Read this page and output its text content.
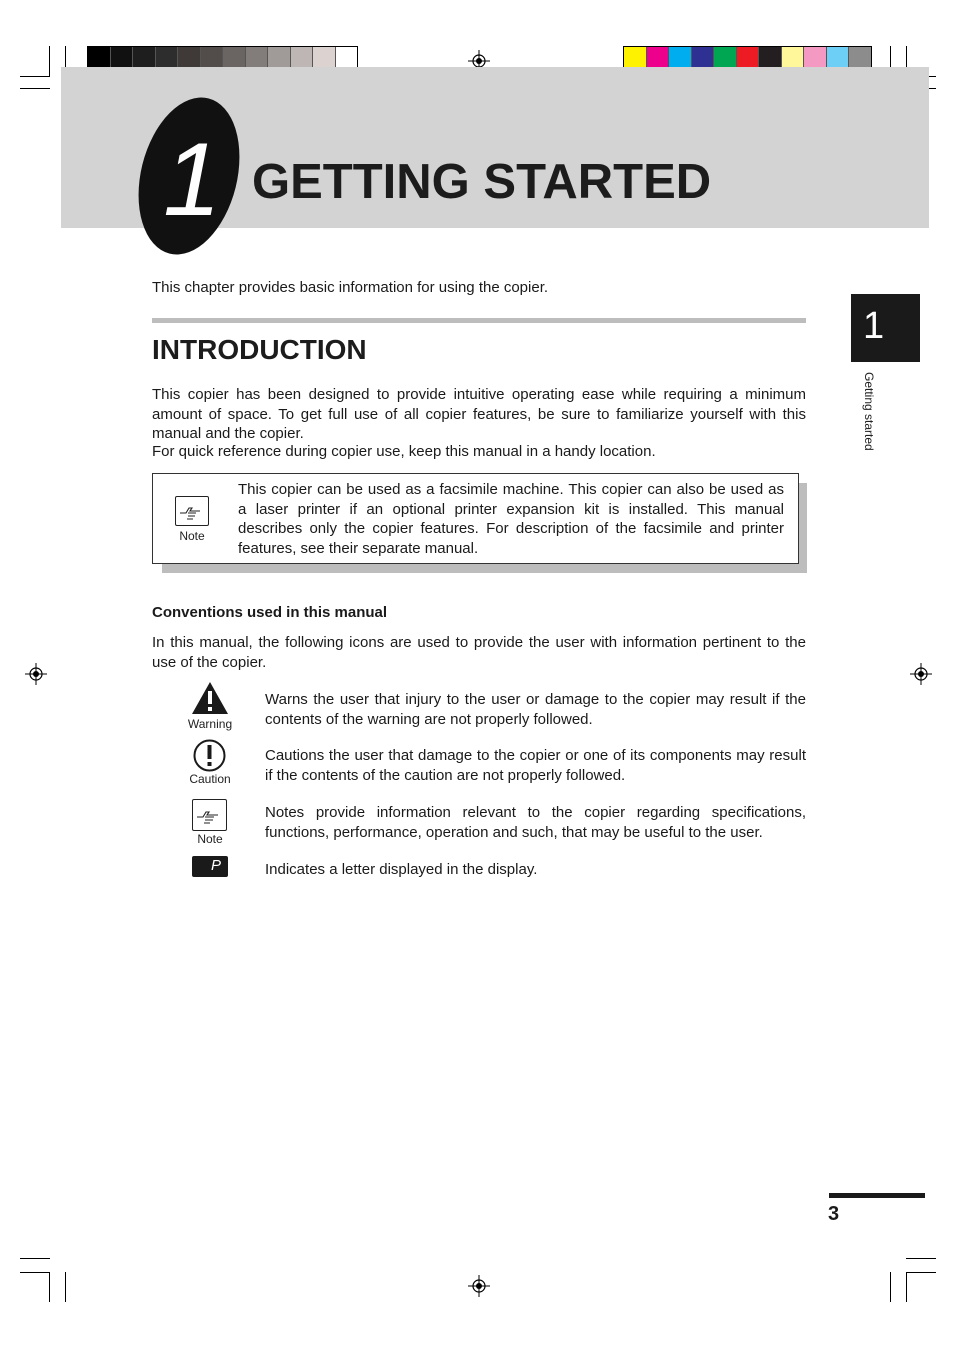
1 GETTING STARTED
1
Getting started
This chapter provides basic information for using the copier.
INTRODUCTION
This copier has been designed to provide intuitive operating ease while requiring a minimum amount of space. To get full use of all copier features, be sure to familiarize yourself with this manual and the copier.
For quick reference during copier use, keep this manual in a handy location.
Note
This copier can be used as a facsimile machine. This copier can also be used as a laser printer if an optional printer expansion kit is installed. This manual describes only the copier features. For description of the facsimile and printer features, see their separate manual.
Conventions used in this manual
In this manual, the following icons are used to provide the user with information pertinent to the use of the copier.
Warning
Warns the user that injury to the user or damage to the copier may result if the contents of the warning are not properly followed.
Caution
Cautions the user that damage to the copier or one of its components may result if the contents of the caution are not properly followed.
Note
Notes provide information relevant to the copier regarding specifications, functions, performance, operation and such, that may be useful to the user.
P	Indicates a letter displayed in the display.
3
